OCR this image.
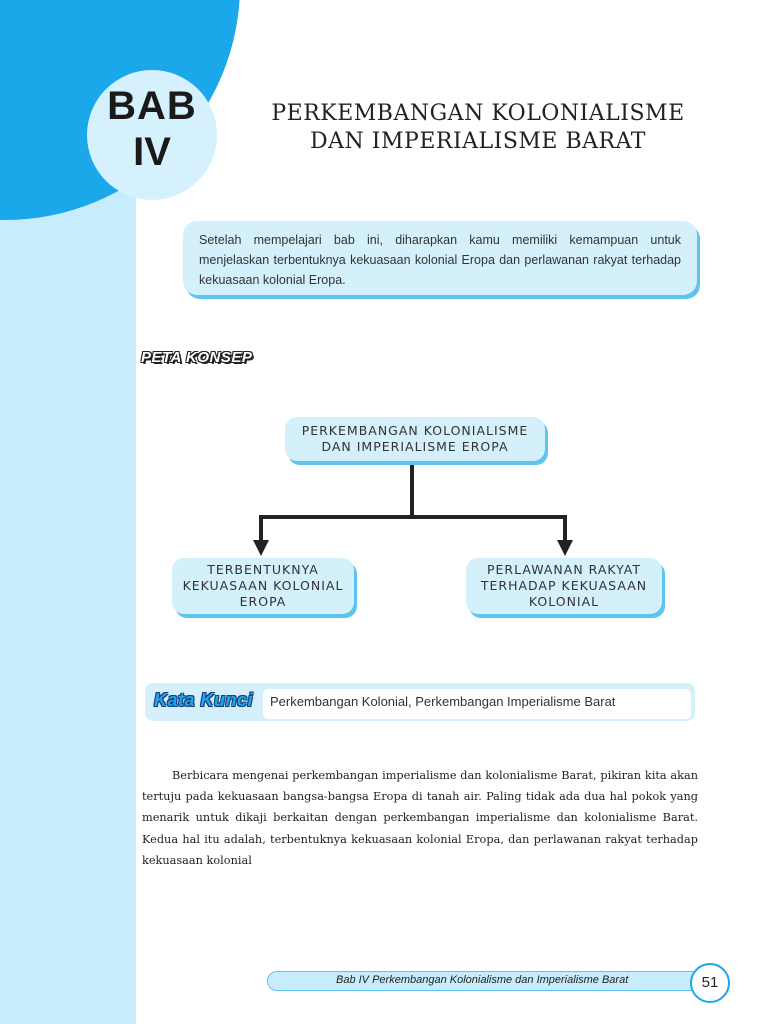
BAB
IV
PERKEMBANGAN KOLONIALISME
DAN IMPERIALISME BARAT
Setelah mempelajari bab ini, diharapkan kamu memiliki kemampuan untuk menjelaskan terbentuknya kekuasaan kolonial Eropa dan perlawanan rakyat terhadap kekuasaan kolonial Eropa.
PETA KONSEP
PERKEMBANGAN KOLONIALISME
DAN IMPERIALISME EROPA
TERBENTUKNYA
KEKUASAAN KOLONIAL
EROPA
PERLAWANAN RAKYAT
TERHADAP KEKUASAAN
KOLONIAL
Kata Kunci Perkembangan Kolonial, Perkembangan Imperialisme Barat
Berbicara mengenai perkembangan imperialisme dan kolonialisme Barat, pikiran kita akan tertuju pada kekuasaan bangsa-bangsa Eropa di tanah air. Paling tidak ada dua hal pokok yang menarik untuk dikaji berkaitan dengan perkembangan imperialisme dan kolonialisme Barat. Kedua hal itu adalah, terbentuknya kekuasaan kolonial Eropa, dan perlawanan rakyat terhadap kekuasaan kolonial
Bab IV Perkembangan Kolonialisme dan Imperialisme Barat	51
